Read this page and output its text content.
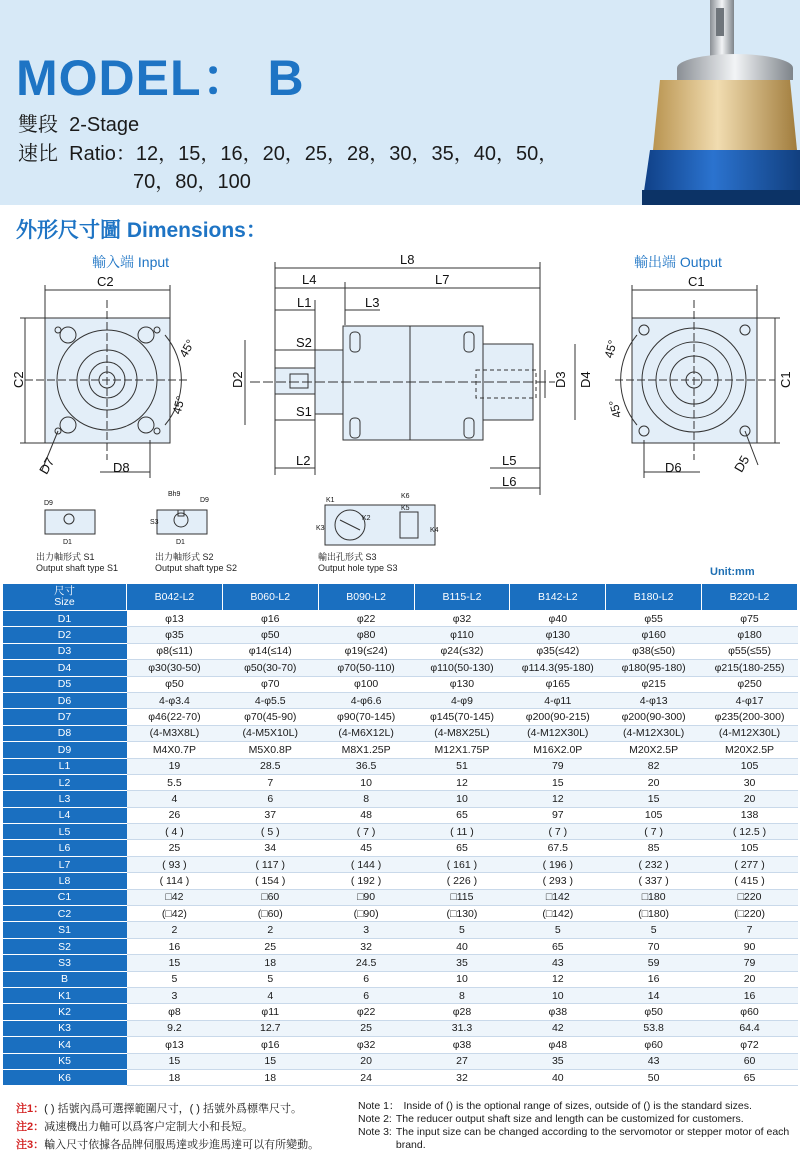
MODEL： B
雙段 2-Stage
速比 Ratio：12，15，16，20，25，28，30，35，40，50，
70，80，100
外形尺寸圖 Dimensions：
輸入端 Input	輸出端 Output
C2
C2
45°
45°
D7	D8
L8
L4	L7
L1	L3
S2
S1
D2
L2	L5
L6
D3 D4
C1
C1
45°
45°
D6	D5
D9
D1
Bh9
D9
S3
D1
K1
K2
K3	K4
K5
K6
出力軸形式 S1
Output shaft type S1
出力軸形式 S2
Output shaft type S2
輸出孔形式 S3
Output hole type S3	Unit:mm
尺寸
Size	B042-L2	B060-L2	B090-L2	B115-L2	B142-L2	B180-L2	B220-L2
D1	φ13	φ16	φ22	φ32	φ40	φ55	φ75
D2	φ35	φ50	φ80	φ110	φ130	φ160	φ180
D3	φ8(≤11)	φ14(≤14)	φ19(≤24)	φ24(≤32)	φ35(≤42)	φ38(≤50)	φ55(≤55)
D4	φ30(30-50)	φ50(30-70)	φ70(50-110)	φ110(50-130)	φ114.3(95-180)	φ180(95-180)	φ215(180-255)
D5	φ50	φ70	φ100	φ130	φ165	φ215	φ250
D6	4-φ3.4	4-φ5.5	4-φ6.6	4-φ9	4-φ11	4-φ13	4-φ17
D7	φ46(22-70)	φ70(45-90)	φ90(70-145)	φ145(70-145)	φ200(90-215)	φ200(90-300)	φ235(200-300)
D8	(4-M3X8L)	(4-M5X10L)	(4-M6X12L)	(4-M8X25L)	(4-M12X30L)	(4-M12X30L)	(4-M12X30L)
D9	M4X0.7P	M5X0.8P	M8X1.25P	M12X1.75P	M16X2.0P	M20X2.5P	M20X2.5P
L1	19	28.5	36.5	51	79	82	105
L2	5.5	7	10	12	15	20	30
L3	4	6	8	10	12	15	20
L4	26	37	48	65	97	105	138
L5	( 4 )	( 5 )	( 7 )	( 11 )	( 7 )	( 7 )	( 12.5 )
L6	25	34	45	65	67.5	85	105
L7	( 93 )	( 117 )	( 144 )	( 161 )	( 196 )	( 232 )	( 277 )
L8	( 114 )	( 154 )	( 192 )	( 226 )	( 293 )	( 337 )	( 415 )
C1	□42	□60	□90	□115	□142	□180	□220
C2	(□42)	(□60)	(□90)	(□130)	(□142)	(□180)	(□220)
S1	2	2	3	5	5	5	7
S2	16	25	32	40	65	70	90
S3	15	18	24.5	35	43	59	79
B	5	5	6	10	12	16	20
K1	3	4	6	8	10	14	16
K2	φ8	φ11	φ22	φ28	φ38	φ50	φ60
K3	9.2	12.7	25	31.3	42	53.8	64.4
K4	φ13	φ16	φ32	φ38	φ48	φ60	φ72
K5	15	15	20	27	35	43	60
K6	18	18	24	32	40	50	65
注1：( ) 括號內爲可選擇範圍尺寸，( ) 括號外爲標準尺寸。
注2：减速機出力軸可以爲客户定制大小和長短。
注3：輸入尺寸依據各品牌伺服馬達或步進馬達可以有所變動。
Note 1： Inside of () is the optional range of sizes, outside of () is the standard sizes.
Note 2: The reducer output shaft size and length can be customized for customers.
Note 3: The input size can be changed according to the servomotor or stepper motor of each brand.
